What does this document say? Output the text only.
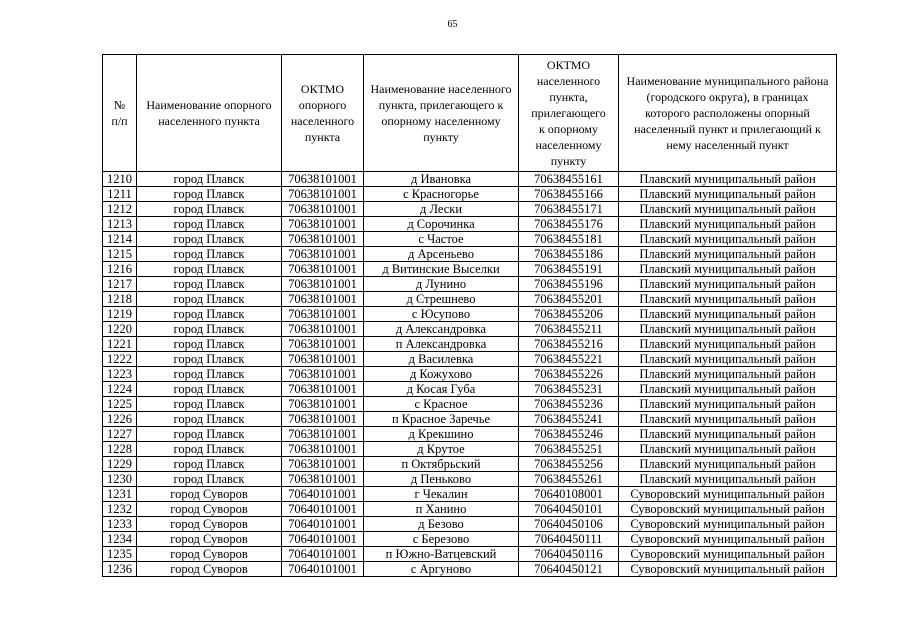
65
№ п/п	Наименование опорного населенного пункта	ОКТМО опорного населенного пункта	Наименование населенного пункта, прилегающего к опорному населенному пункту	ОКТМО населенного пункта, прилегающего к опорному населенному пункту	Наименование муниципального района (городского округа), в границах которого расположены опорный населенный пункт и прилегающий к нему населенный пункт
1210	город Плавск	70638101001	д Ивановка	70638455161	Плавский муниципальный район
1211	город Плавск	70638101001	с Красногорье	70638455166	Плавский муниципальный район
1212	город Плавск	70638101001	д Лески	70638455171	Плавский муниципальный район
1213	город Плавск	70638101001	д Сорочинка	70638455176	Плавский муниципальный район
1214	город Плавск	70638101001	с Частое	70638455181	Плавский муниципальный район
1215	город Плавск	70638101001	д Арсеньево	70638455186	Плавский муниципальный район
1216	город Плавск	70638101001	д Витинские Выселки	70638455191	Плавский муниципальный район
1217	город Плавск	70638101001	д Лунино	70638455196	Плавский муниципальный район
1218	город Плавск	70638101001	д Стрешнево	70638455201	Плавский муниципальный район
1219	город Плавск	70638101001	с Юсупово	70638455206	Плавский муниципальный район
1220	город Плавск	70638101001	д Александровка	70638455211	Плавский муниципальный район
1221	город Плавск	70638101001	п Александровка	70638455216	Плавский муниципальный район
1222	город Плавск	70638101001	д Василевка	70638455221	Плавский муниципальный район
1223	город Плавск	70638101001	д Кожухово	70638455226	Плавский муниципальный район
1224	город Плавск	70638101001	д Косая Губа	70638455231	Плавский муниципальный район
1225	город Плавск	70638101001	с Красное	70638455236	Плавский муниципальный район
1226	город Плавск	70638101001	п Красное Заречье	70638455241	Плавский муниципальный район
1227	город Плавск	70638101001	д Крекшино	70638455246	Плавский муниципальный район
1228	город Плавск	70638101001	д Крутое	70638455251	Плавский муниципальный район
1229	город Плавск	70638101001	п Октябрьский	70638455256	Плавский муниципальный район
1230	город Плавск	70638101001	д Пеньково	70638455261	Плавский муниципальный район
1231	город Суворов	70640101001	г Чекалин	70640108001	Суворовский муниципальный район
1232	город Суворов	70640101001	п Ханино	70640450101	Суворовский муниципальный район
1233	город Суворов	70640101001	д Безово	70640450106	Суворовский муниципальный район
1234	город Суворов	70640101001	с Березово	70640450111	Суворовский муниципальный район
1235	город Суворов	70640101001	п Южно-Ватцевский	70640450116	Суворовский муниципальный район
1236	город Суворов	70640101001	с Аргуново	70640450121	Суворовский муниципальный район
